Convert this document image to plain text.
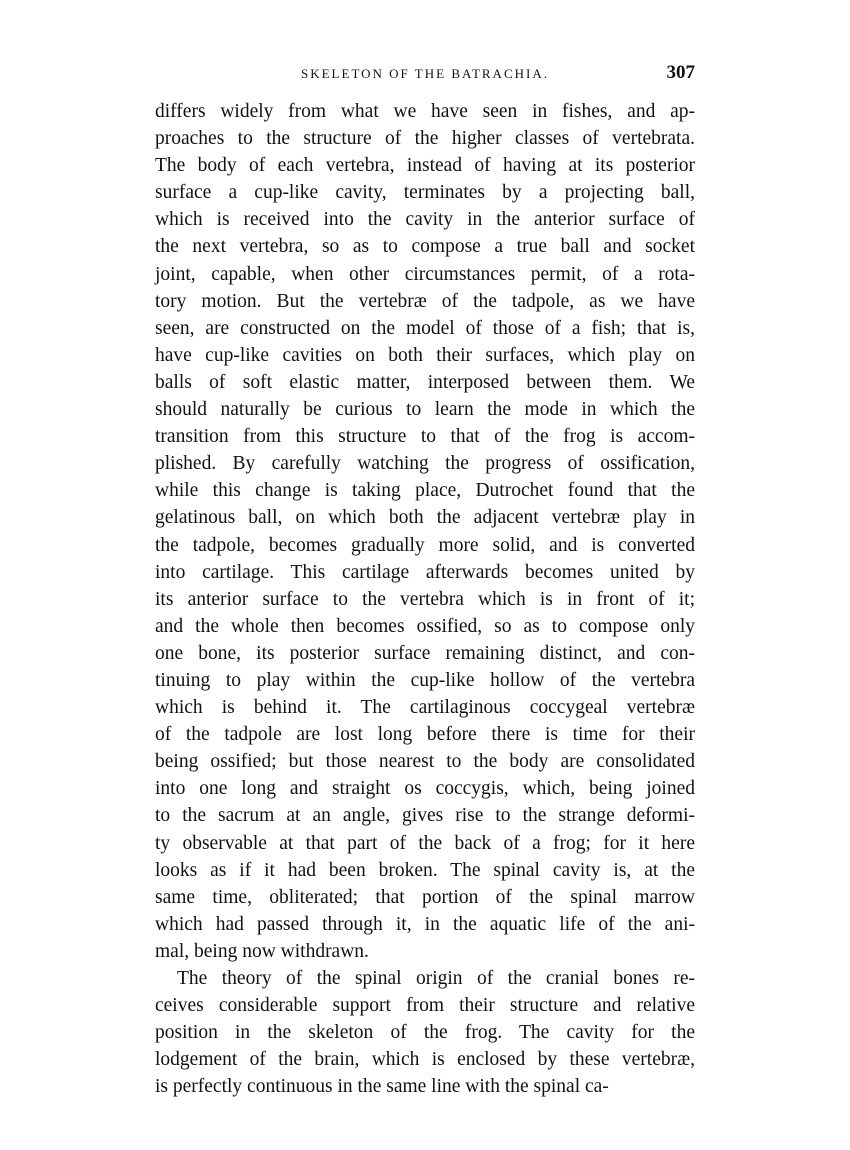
SKELETON OF THE BATRACHIA.	307
differs widely from what we have seen in fishes, and ap-
proaches to the structure of the higher classes of vertebrata.
The body of each vertebra, instead of having at its posterior
surface a cup-like cavity, terminates by a projecting ball,
which is received into the cavity in the anterior surface of
the next vertebra, so as to compose a true ball and socket
joint, capable, when other circumstances permit, of a rota-
tory motion. But the vertebræ of the tadpole, as we have
seen, are constructed on the model of those of a fish; that is,
have cup-like cavities on both their surfaces, which play on
balls of soft elastic matter, interposed between them. We
should naturally be curious to learn the mode in which the
transition from this structure to that of the frog is accom-
plished. By carefully watching the progress of ossification,
while this change is taking place, Dutrochet found that the
gelatinous ball, on which both the adjacent vertebræ play in
the tadpole, becomes gradually more solid, and is converted
into cartilage. This cartilage afterwards becomes united by
its anterior surface to the vertebra which is in front of it;
and the whole then becomes ossified, so as to compose only
one bone, its posterior surface remaining distinct, and con-
tinuing to play within the cup-like hollow of the vertebra
which is behind it. The cartilaginous coccygeal vertebræ
of the tadpole are lost long before there is time for their
being ossified; but those nearest to the body are consolidated
into one long and straight os coccygis, which, being joined
to the sacrum at an angle, gives rise to the strange deformi-
ty observable at that part of the back of a frog; for it here
looks as if it had been broken. The spinal cavity is, at the
same time, obliterated; that portion of the spinal marrow
which had passed through it, in the aquatic life of the ani-
mal, being now withdrawn.
The theory of the spinal origin of the cranial bones re-
ceives considerable support from their structure and relative
position in the skeleton of the frog. The cavity for the
lodgement of the brain, which is enclosed by these vertebræ,
is perfectly continuous in the same line with the spinal ca-
